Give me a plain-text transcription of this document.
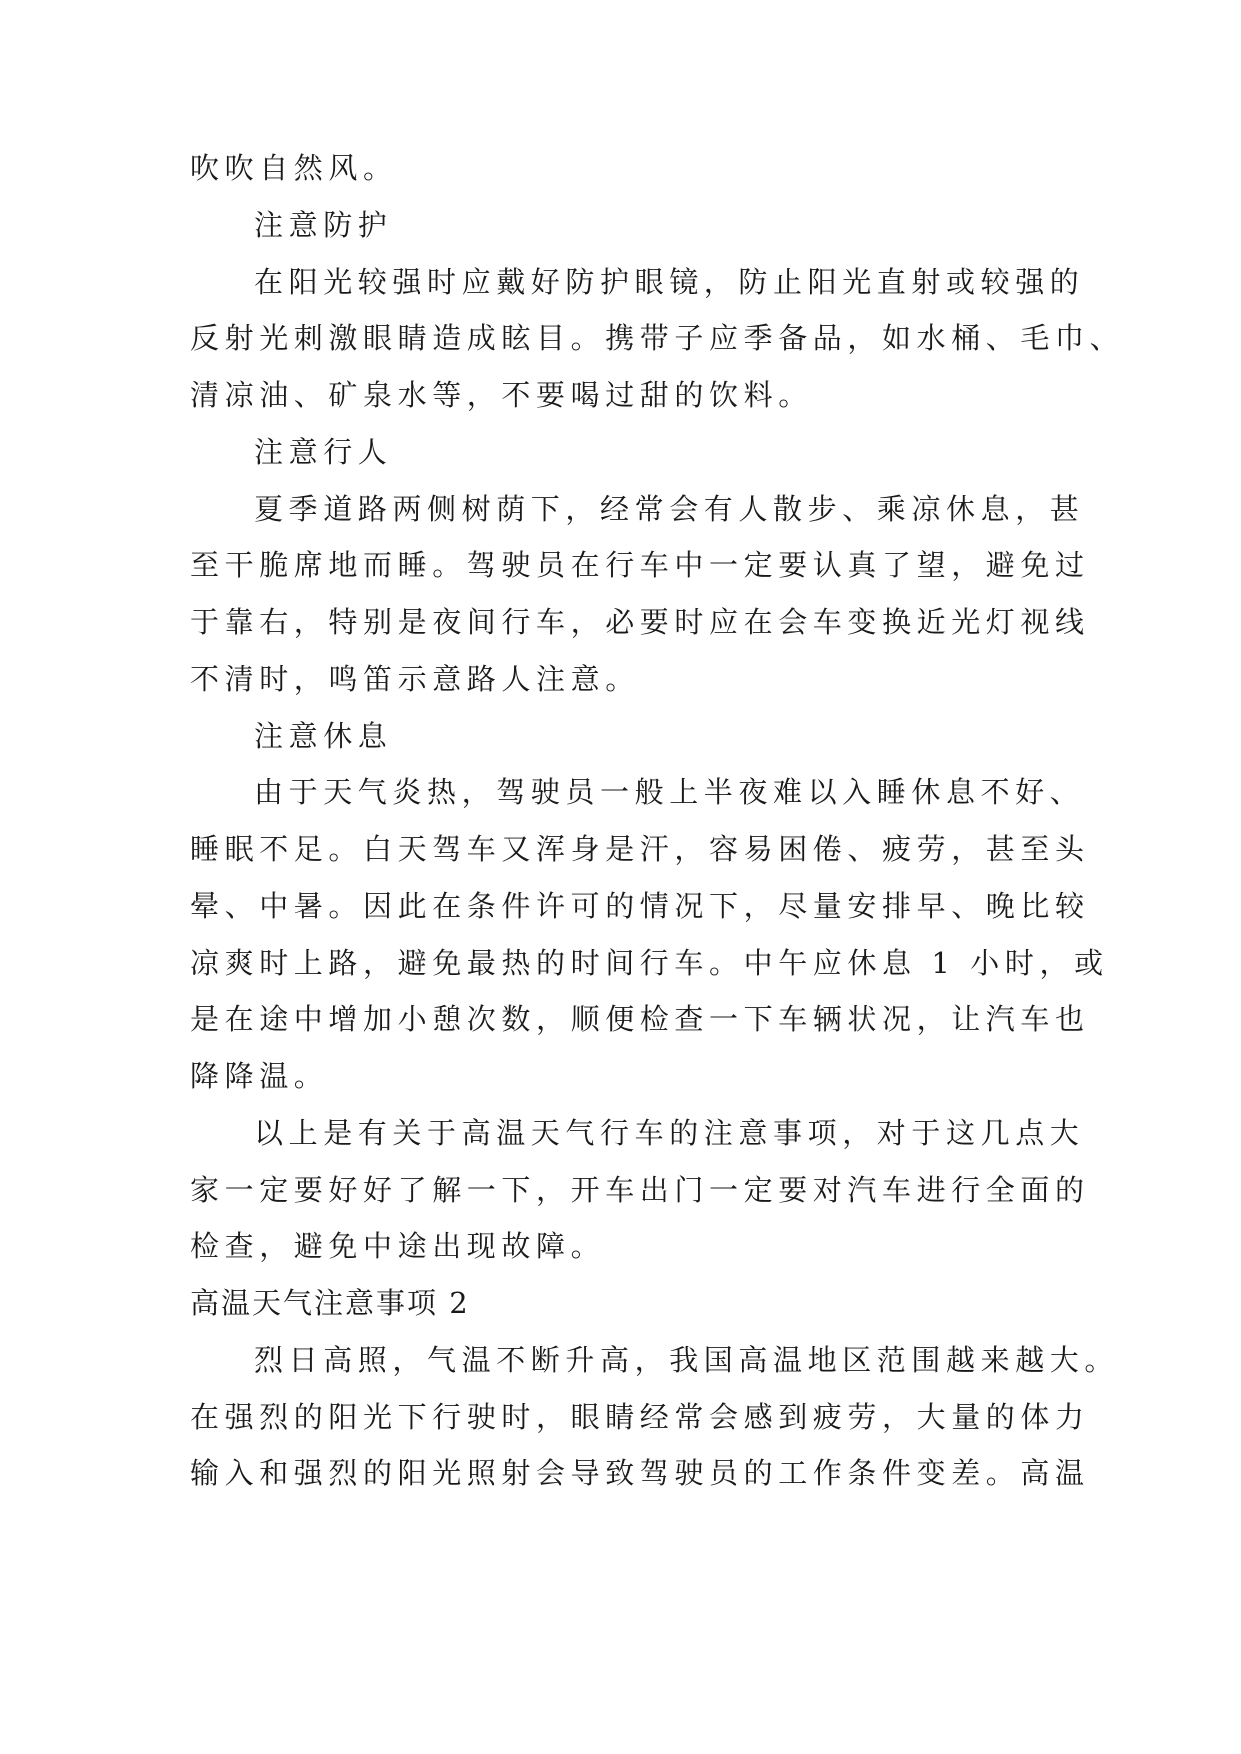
吹吹自然风。

注意防护

在阳光较强时应戴好防护眼镜，防止阳光直射或较强的

反射光刺激眼睛造成眩目。携带子应季备品，如水桶、毛巾、

清凉油、矿泉水等，不要喝过甜的饮料。

注意行人

夏季道路两侧树荫下，经常会有人散步、乘凉休息，甚

至干脆席地而睡。驾驶员在行车中一定要认真了望，避免过

于靠右，特别是夜间行车，必要时应在会车变换近光灯视线

不清时，鸣笛示意路人注意。

注意休息

由于天气炎热，驾驶员一般上半夜难以入睡休息不好、

睡眠不足。白天驾车又浑身是汗，容易困倦、疲劳，甚至头

晕、中暑。因此在条件许可的情况下，尽量安排早、晚比较

凉爽时上路，避免最热的时间行车。中午应休息 1 小时，或

是在途中增加小憩次数，顺便检查一下车辆状况，让汽车也

降降温。

以上是有关于高温天气行车的注意事项，对于这几点大

家一定要好好了解一下，开车出门一定要对汽车进行全面的

检查，避免中途出现故障。

高温天气注意事项 2

烈日高照，气温不断升高，我国高温地区范围越来越大。

在强烈的阳光下行驶时，眼睛经常会感到疲劳，大量的体力

输入和强烈的阳光照射会导致驾驶员的工作条件变差。高温
